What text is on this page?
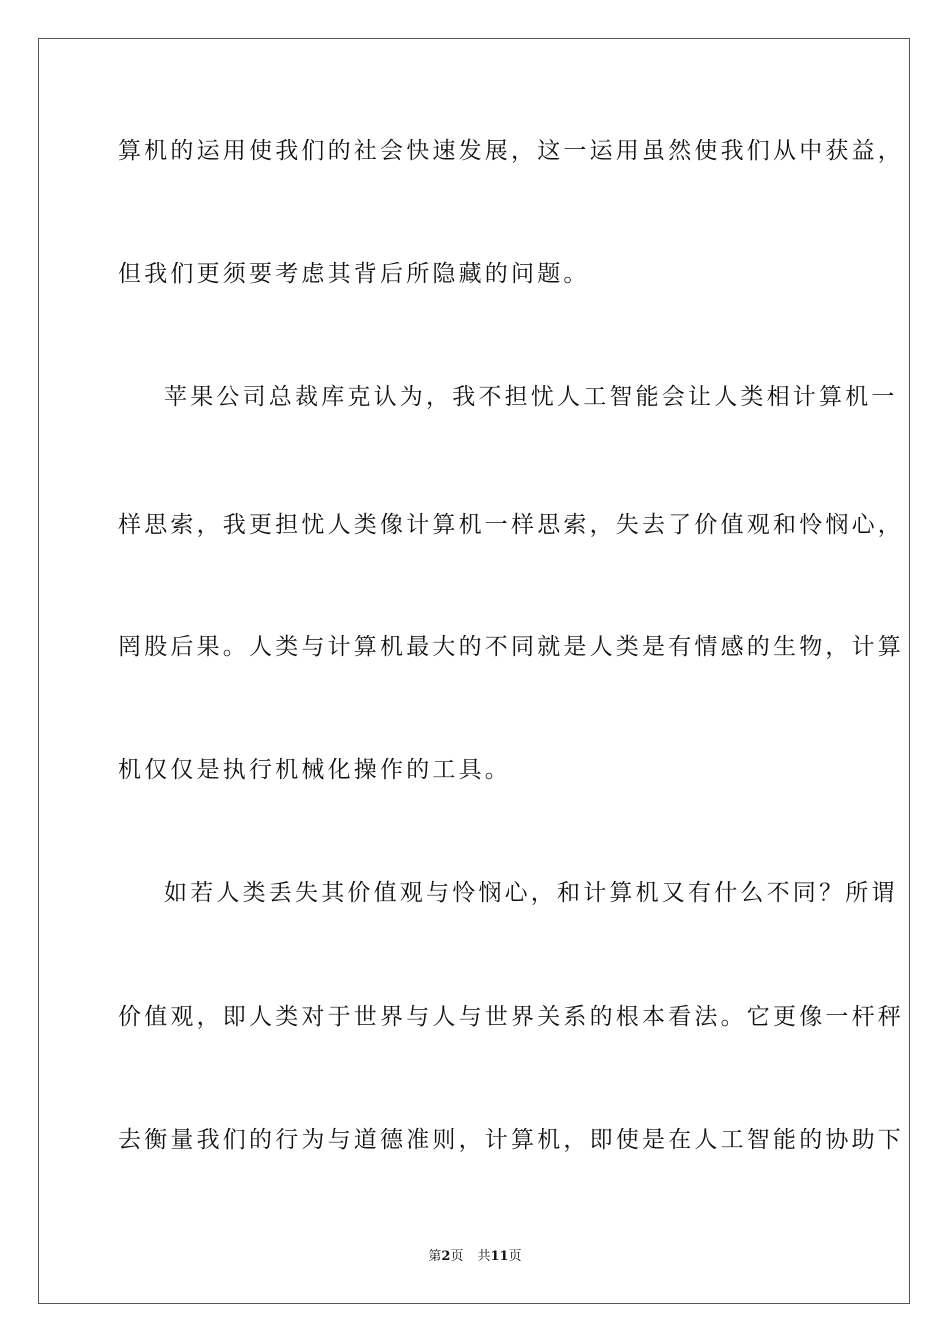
算机的运用使我们的社会快速发展，这一运用虽然使我们从中获益，
但我们更须要考虑其背后所隐藏的问题。
苹果公司总裁库克认为，我不担忧人工智能会让人类相计算机一
样思索，我更担忧人类像计算机一样思索，失去了价值观和怜悯心，
罔股后果。人类与计算机最大的不同就是人类是有情感的生物，计算
机仅仅是执行机械化操作的工具。
如若人类丢失其价值观与怜悯心，和计算机又有什么不同？所谓
价值观，即人类对于世界与人与世界关系的根本看法。它更像一杆秤
去衡量我们的行为与道德准则，计算机，即使是在人工智能的协助下
第2页 共11页
